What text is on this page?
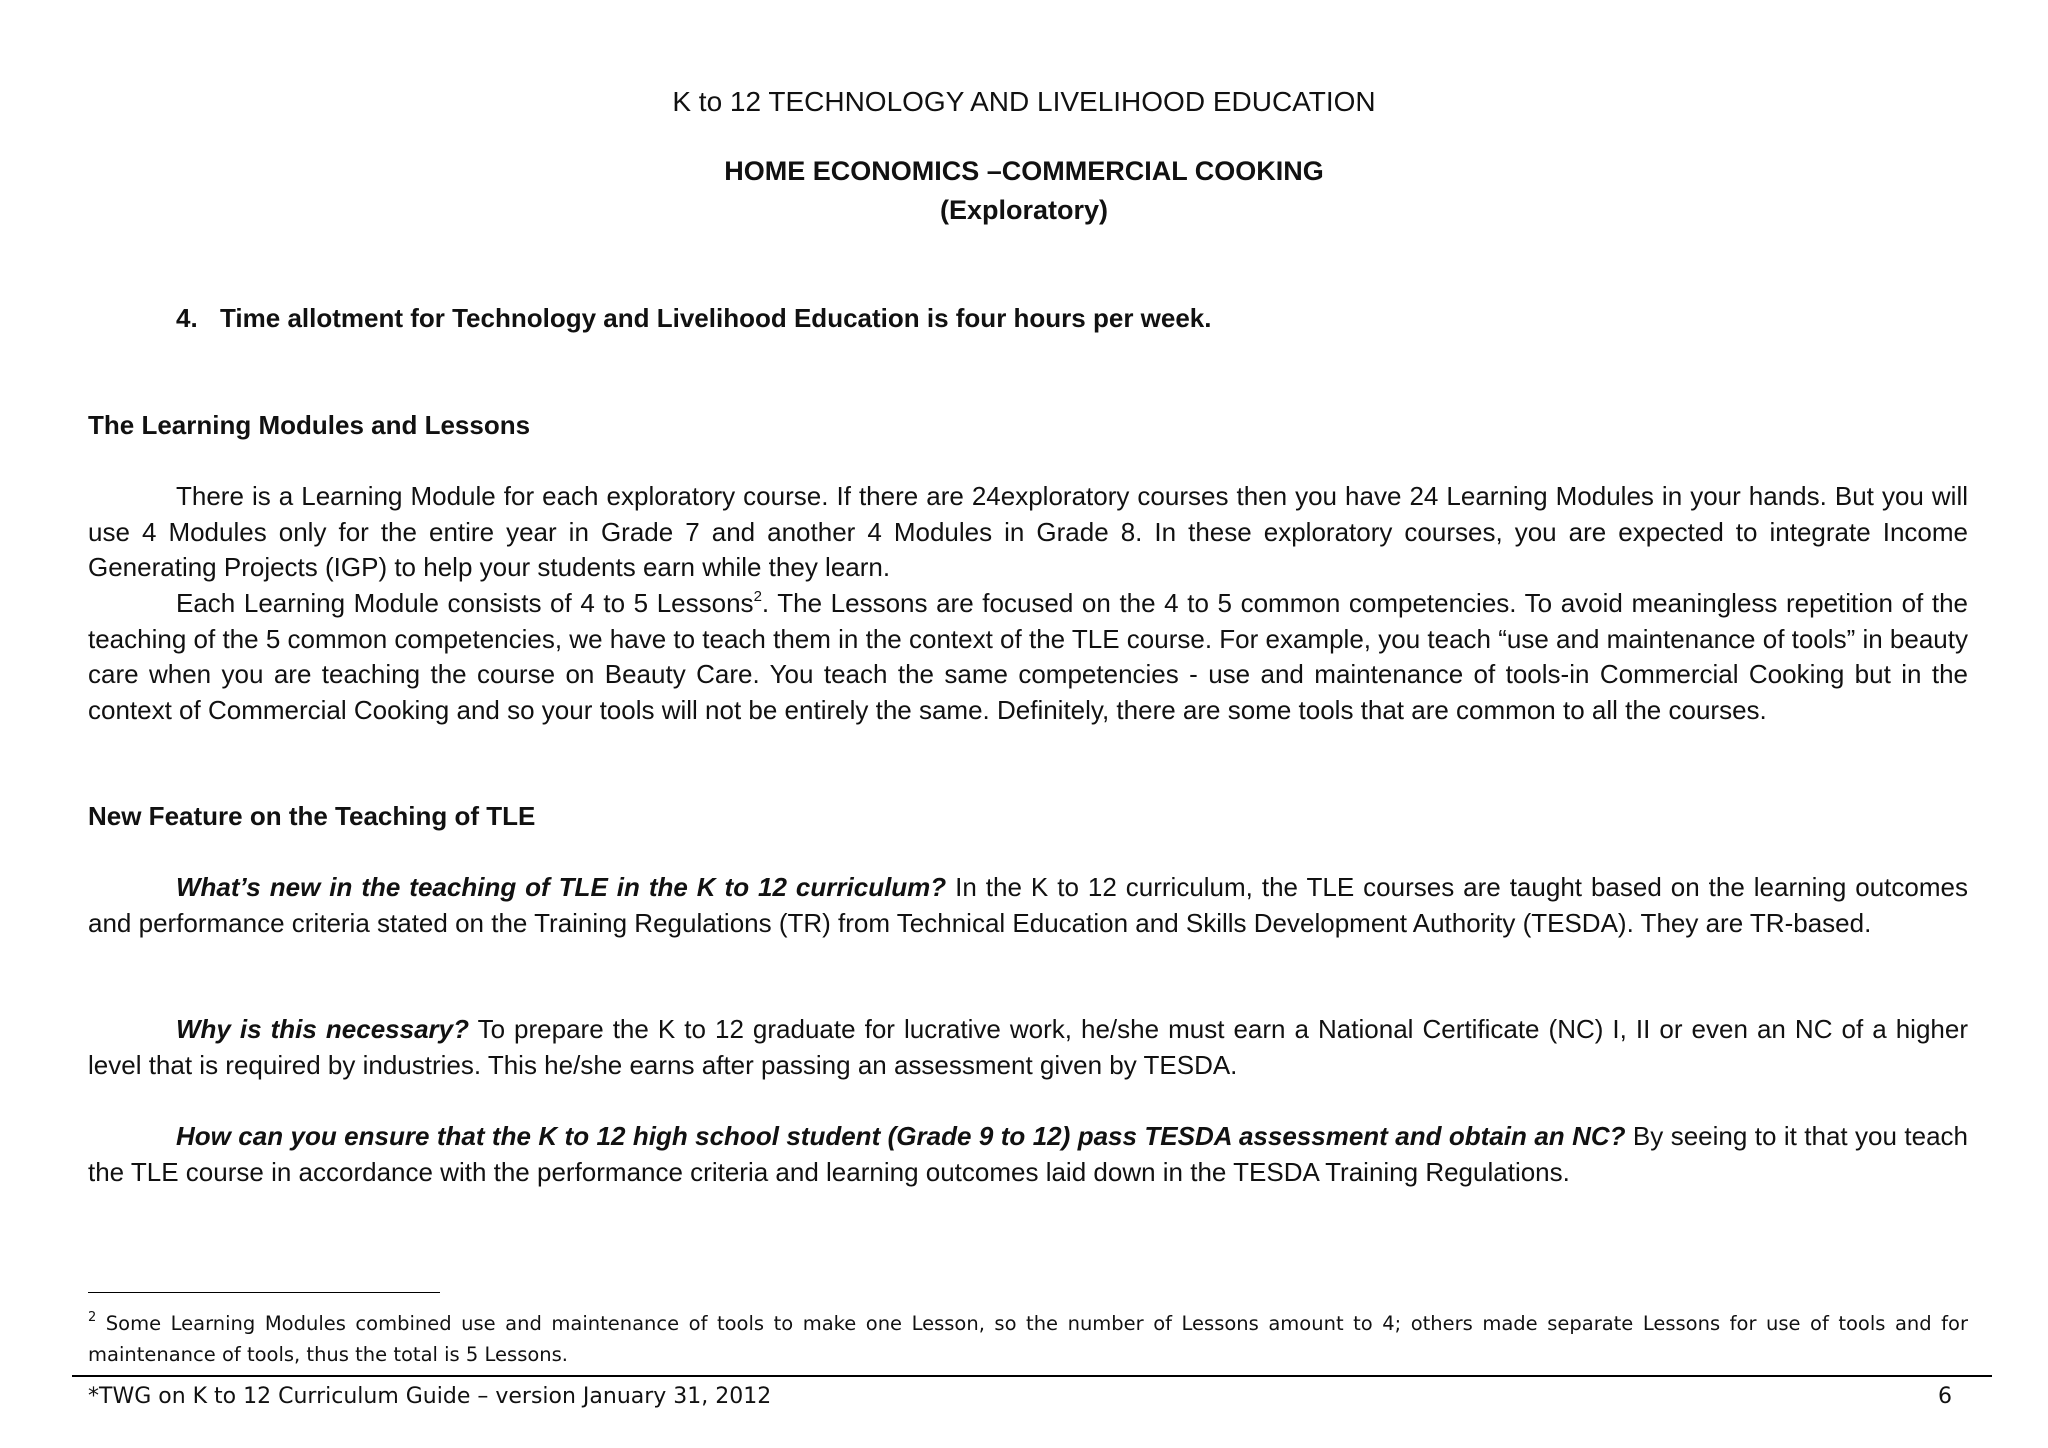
K to 12 TECHNOLOGY AND LIVELIHOOD EDUCATION
HOME ECONOMICS –COMMERCIAL COOKING
(Exploratory)
4. Time allotment for Technology and Livelihood Education is four hours per week.
The Learning Modules and Lessons

There is a Learning Module for each exploratory course. If there are 24exploratory courses then you have 24 Learning Modules in your hands. But you will use 4 Modules only for the entire year in Grade 7 and another 4 Modules in Grade 8. In these exploratory courses, you are expected to integrate Income Generating Projects (IGP) to help your students earn while they learn.

Each Learning Module consists of 4 to 5 Lessons$^2$. The Lessons are focused on the 4 to 5 common competencies. To avoid meaningless repetition of the teaching of the 5 common competencies, we have to teach them in the context of the TLE course. For example, you teach “use and maintenance of tools” in beauty care when you are teaching the course on Beauty Care. You teach the same competencies - use and maintenance of tools-in Commercial Cooking but in the context of Commercial Cooking and so your tools will not be entirely the same. Definitely, there are some tools that are common to all the courses.

New Feature on the Teaching of TLE

What’s new in the teaching of TLE in the K to 12 curriculum? In the K to 12 curriculum, the TLE courses are taught based on the learning outcomes and performance criteria stated on the Training Regulations (TR) from Technical Education and Skills Development Authority (TESDA). They are TR-based.

Why is this necessary? To prepare the K to 12 graduate for lucrative work, he/she must earn a National Certificate (NC) I, II or even an NC of a higher level that is required by industries. This he/she earns after passing an assessment given by TESDA.

How can you ensure that the K to 12 high school student (Grade 9 to 12) pass TESDA assessment and obtain an NC? By seeing to it that you teach the TLE course in accordance with the performance criteria and learning outcomes laid down in the TESDA Training Regulations.

$^2$ Some Learning Modules combined use and maintenance of tools to make one Lesson, so the number of Lessons amount to 4; others made separate Lessons for use of tools and for maintenance of tools, thus the total is 5 Lessons.

*TWG on K to 12 Curriculum Guide – version January 31, 2012	6
